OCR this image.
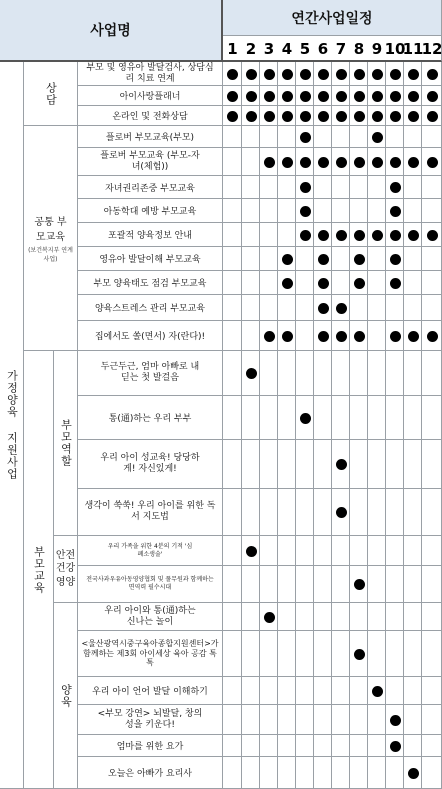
사업명
연간사업일정
가정양육 지원사업
상담
공통 부모교육
(보건복지부 연계사업)
부모교육
부모역할
안전
건강
영양
양육
부모 및 영유아 발달검사, 상담심리 치료 연계
아이사랑플래너
온라인 및 전화상담
플로버 부모교육(부모)
플로버 부모교육 (부모-자녀(체험))
자녀권리존중 부모교육
아동학대 예방 부모교육
포괄적 양육정보 안내
영유아 발달이해 부모교육
부모 양육태도 점검 부모교육
양육스트레스 관리 부모교육
집에서도 쏠(면서) 자(란다)!
두근두근, 엄마 아빠로 내딛는 첫 발걸음
통(通)하는 우리 부부
우리 아이 성교육! 당당하게! 자신있게!
생각이 쑥쑥! 우리 아이를 위한 독서 지도법
우리 가족을 위한 4분의 기적 '심폐소생술'
전국사과우유아동영양협회 및 풀무원과 함께하는 면역력 필수시대
우리 아이와 통(通)하는 신나는 놀이
<울산광역시중구육아종합지원센터>가 함께하는 제3회 아이세상 육아 공감 톡톡
우리 아이 언어 발달 이해하기
<부모 강연> 뇌발달, 창의성을 키운다!
엄마를 위한 요가
오늘은 아빠가 요리사
1 2 3 4 5 6 7 8 9 10
11
12
